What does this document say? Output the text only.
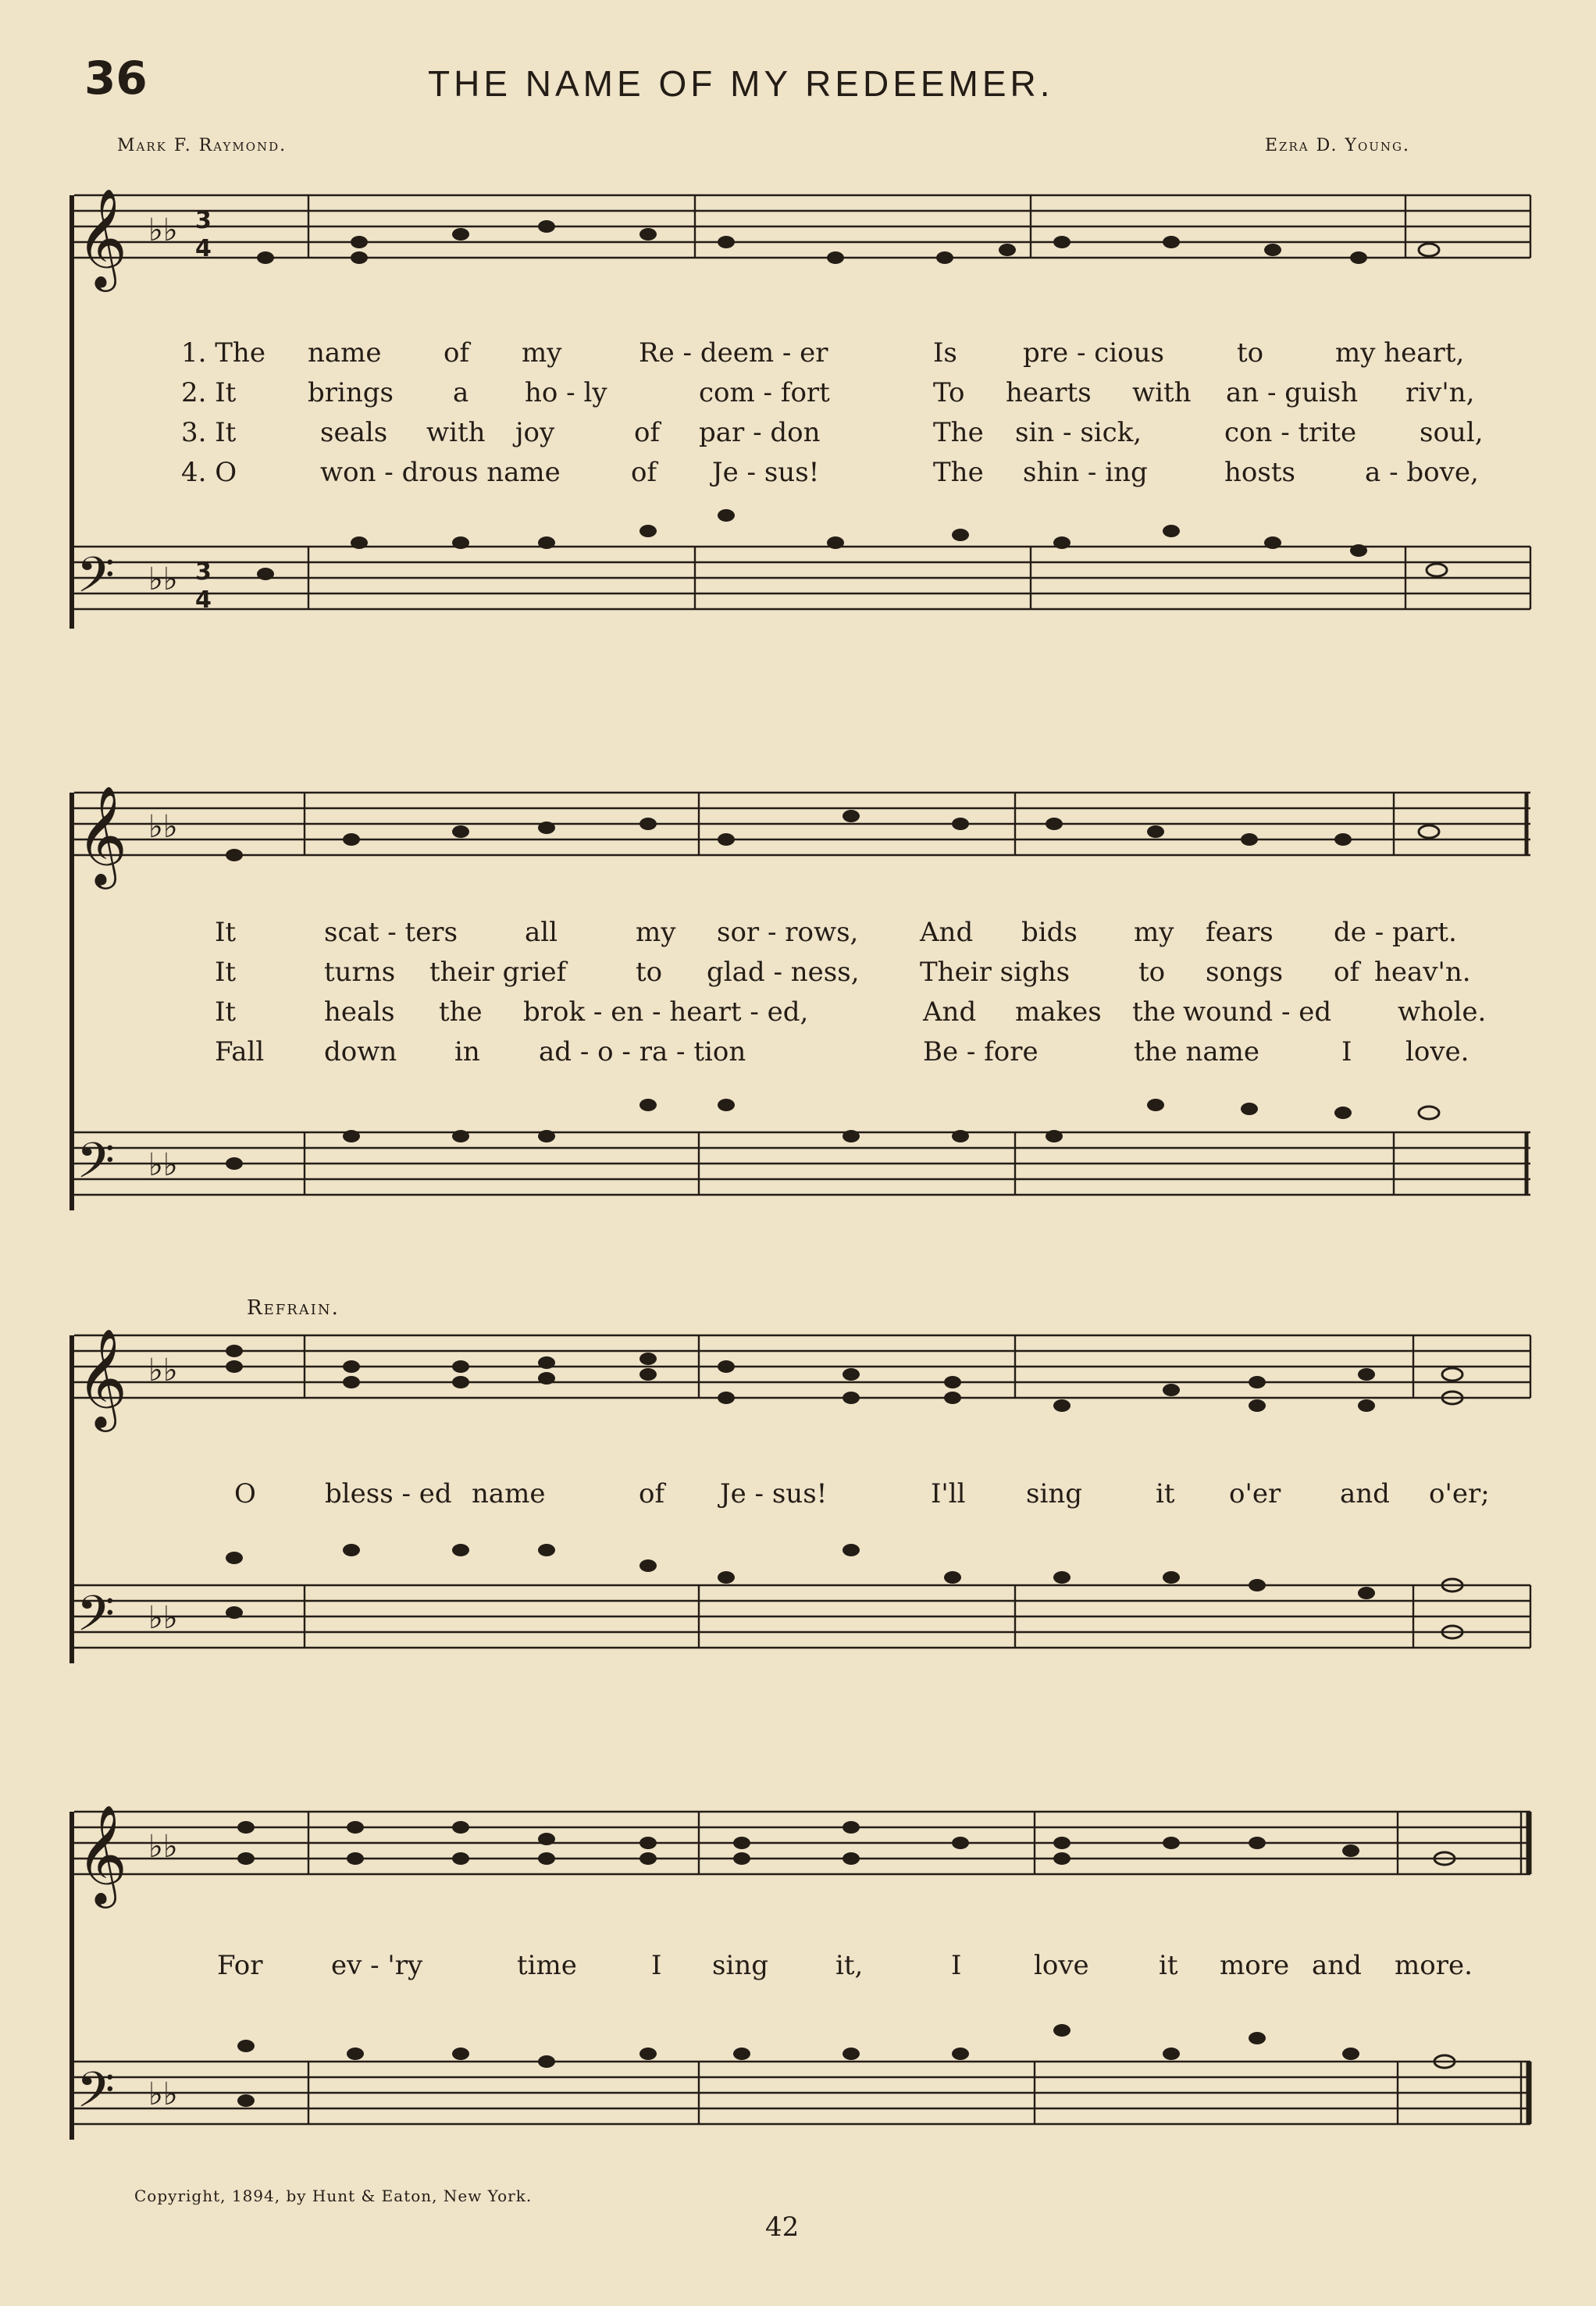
36	THE NAME OF MY REDEEMER.
Mark F. Raymond.	Ezra D. Young.
𝄞
𝄢
♭♭ 3
4
♭♭ 3
4
1. The name of my	Re - deem - er	Is pre - cious	to	my heart,
2. It	brings a ho - ly	com - fort	To hearts with an - guish riv'n,
3. It	seals with joy	of par - don	The sin - sick,	con - trite soul,
4. O	won - drous name	of Je - sus!	The shin - ing	hosts	a - bove,
𝄞
𝄢
♭♭
♭♭
It	scat - ters	all	my sor - rows, And bids my fears de - part.
It	turns their grief	to glad - ness, Their sighs	to songs of heav'n.
It	heals the brok - en - heart - ed,	And makes the wound - ed whole.
Fall down in ad - o - ra - tion	Be - fore	the name	I love.
Refrain.
𝄞
𝄢
♭♭
♭♭
O	bless - ed name	of Je - sus!	I'll sing	it o'er and o'er;
𝄞
𝄢
♭♭
♭♭
For	ev - 'ry	time	I sing	it,	I	love	it more and more.
Copyright, 1894, by Hunt & Eaton, New York.
42
